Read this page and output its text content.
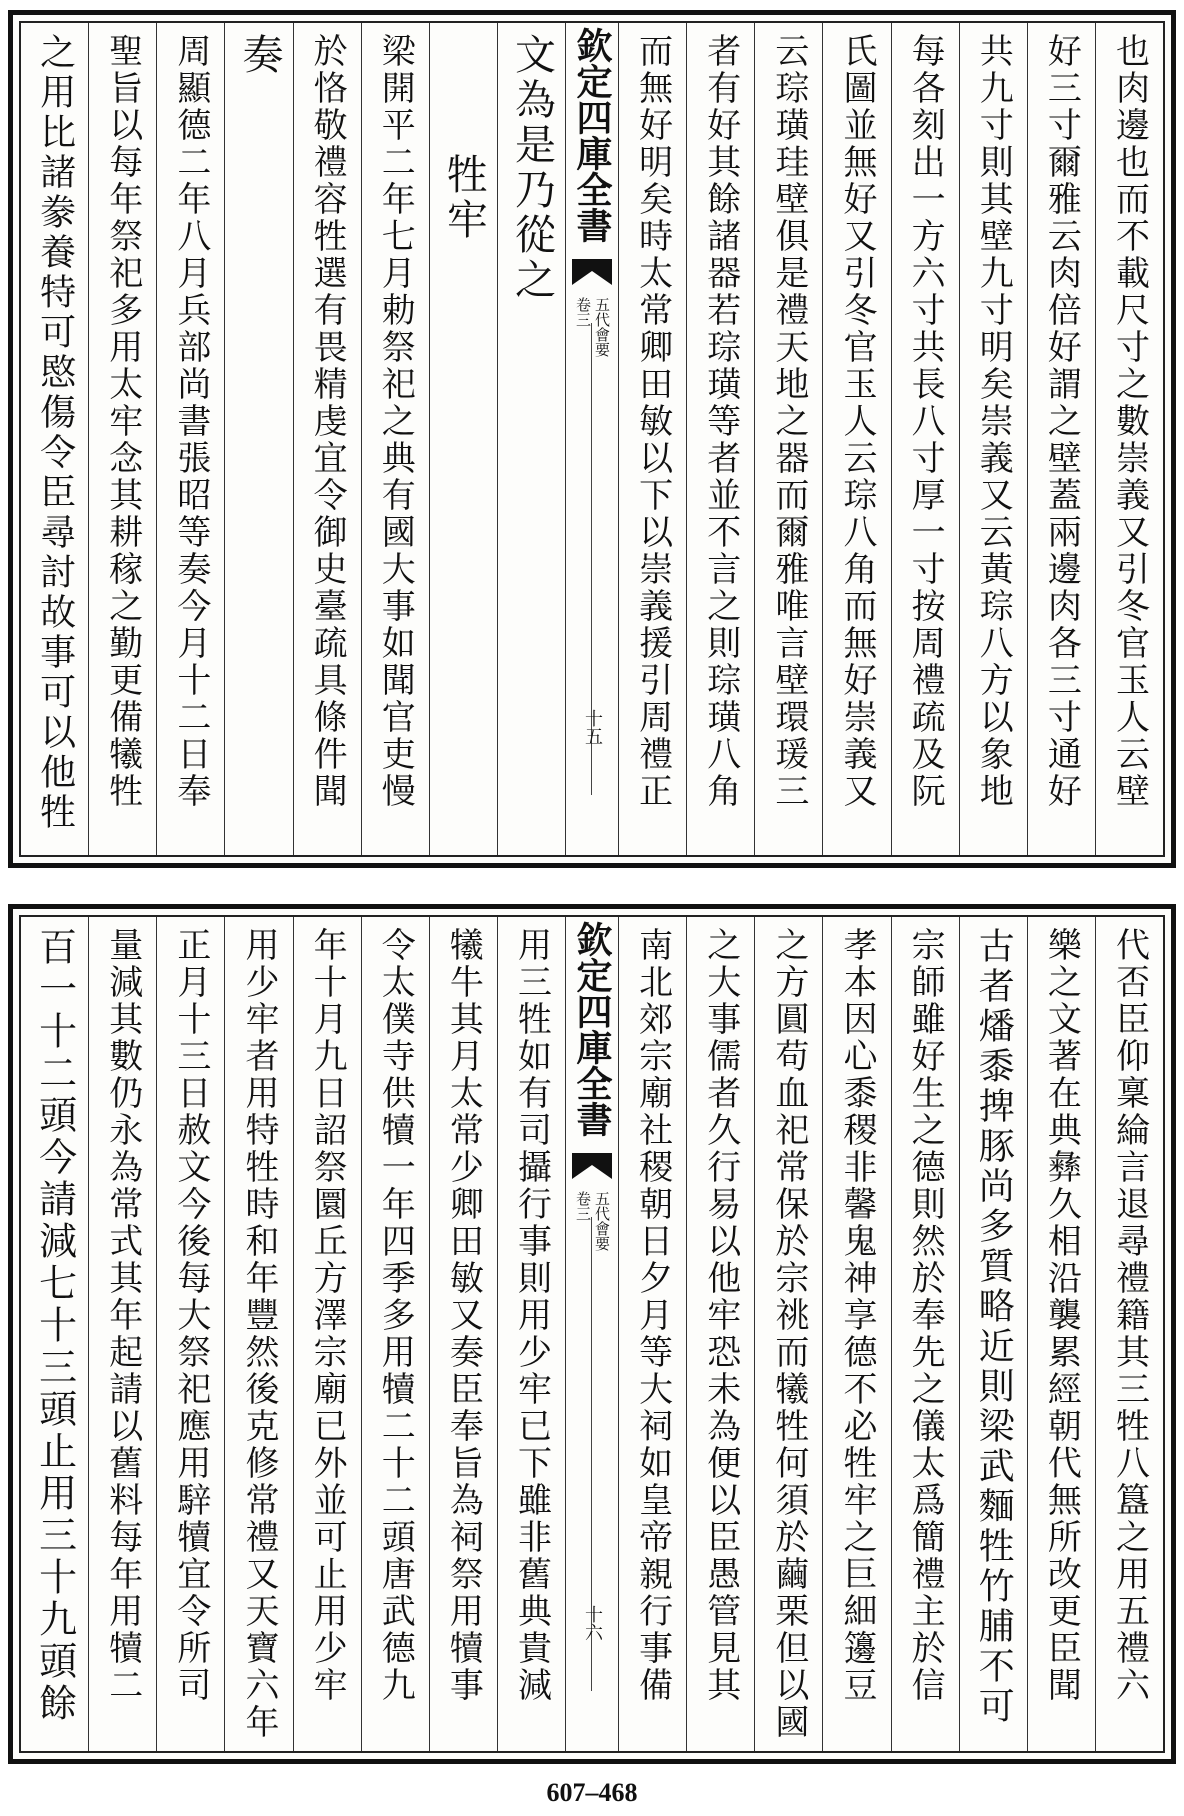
也肉邊也而不載尺寸之數崇義又引冬官玉人云壁
好三寸爾雅云肉倍好謂之壁蓋兩邊肉各三寸通好
共九寸則其壁九寸明矣崇義又云黃琮八方以象地
每各刻出一方六寸共長八寸厚一寸按周禮疏及阮
氏圖並無好又引冬官玉人云琮八角而無好崇義又
云琮璜珪壁俱是禮天地之器而爾雅唯言壁環瑗三
者有好其餘諸器若琮璜等者並不言之則琮璜八角
而無好明矣時太常卿田敏以下以崇義援引周禮正
欽定四庫全書
五代會要
卷三
十五
文為是乃從之
牲牢
梁開平二年七月勅祭祀之典有國大事如聞官吏慢
於恪敬禮容牲選有畏精虔宜令御史臺疏具條件聞
奏
周顯德二年八月兵部尚書張昭等奏今月十二日奉
聖旨以每年祭祀多用太牢念其耕稼之勤更備犧牲
之用比諸豢養特可愍傷令臣尋討故事可以他牲
代否臣仰稟綸言退尋禮籍其三牲八簋之用五禮六
樂之文著在典彝久相沿襲累經朝代無所改更臣聞
古者燔黍捭豚尚多質略近則梁武麵牲竹脯不可
宗師雖好生之德則然於奉先之儀太爲簡禮主於信
孝本因心黍稷非馨鬼神享德不必牲牢之巨細籩豆
之方圓苟血祀常保於宗祧而犧牲何須於繭栗但以國
之大事儒者久行易以他牢恐未為便以臣愚管見其
南北郊宗廟社稷朝日夕月等大祠如皇帝親行事備
欽定四庫全書
五代會要
卷三
十六
用三牲如有司攝行事則用少牢已下雖非舊典貴減
犧牛其月太常少卿田敏又奏臣奉旨為祠祭用犢事
令太僕寺供犢一年四季多用犢二十二頭唐武德九
年十月九日詔祭圜丘方澤宗廟已外並可止用少牢
用少牢者用特牲時和年豐然後克修常禮又天寶六年
正月十三日赦文今後每大祭祀應用騂犢宜令所司
量減其數仍永為常式其年起請以舊料每年用犢二
百一十二頭今請減七十三頭止用三十九頭餘
607–468
